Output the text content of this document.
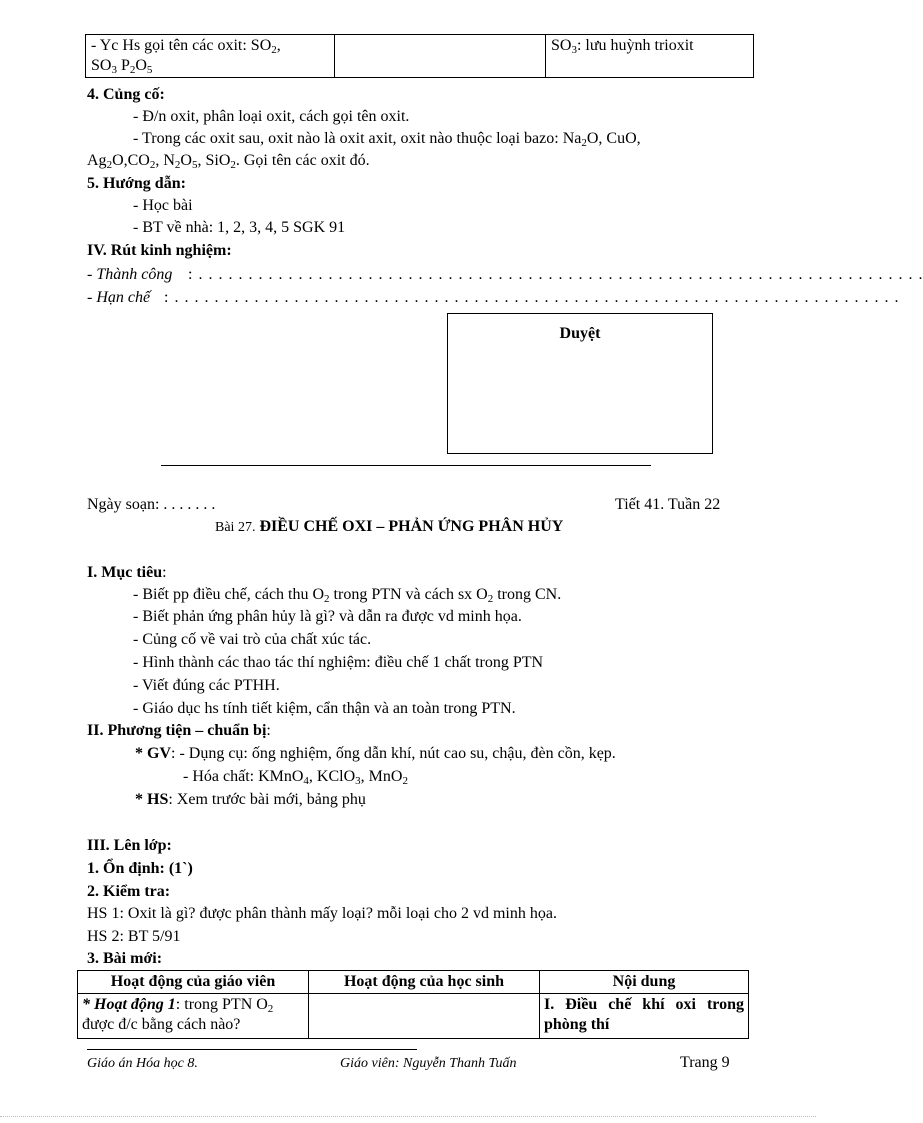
- Yc Hs gọi tên các oxit: $SO_2$,
$SO_3$ $P_2O_5$		$SO_3$: lưu huỳnh trioxit
4. Củng cố:
- Đ/n oxit, phân loại oxit, cách gọi tên oxit.
- Trong các oxit sau, oxit nào là oxit axit, oxit nào thuộc loại bazo: $Na_2O$, CuO,
$Ag_2O,CO_2$, $N_2O_5$, SiO$_2$. Gọi tên các oxit đó.
5. Hướng dẫn:
- Học bài
- BT về nhà: 1, 2, 3, 4, 5 SGK 91
IV. Rút kinh nghiệm:
- Thành công : . . . . . . . . . . . . . . . . . . . . . . . . . . . . . . . . . . . . . . . . . . . . . . . . . . . . . . . . . . . . . . . . . . . . . . . . .
- Hạn chế : . . . . . . . . . . . . . . . . . . . . . . . . . . . . . . . . . . . . . . . . . . . . . . . . . . . . . . . . . . . . . . . . . . . . . . . . .
Duyệt
Ngày soạn: . . . . . . .	Tiết 41. Tuần 22
Bài 27. ĐIỀU CHẾ OXI – PHẢN ỨNG PHÂN HỦY
I. Mục tiêu:
- Biết pp điều chế, cách thu $O_2$ trong PTN và cách sx $O_2$ trong CN.
- Biết phản ứng phân hủy là gì? và dẫn ra được vd minh họa.
- Củng cố về vai trò của chất xúc tác.
- Hình thành các thao tác thí nghiệm: điều chế 1 chất trong PTN
- Viết đúng các PTHH.
- Giáo dục hs tính tiết kiệm, cẩn thận và an toàn trong PTN.
II. Phương tiện – chuẩn bị:
* GV: - Dụng cụ: ống nghiệm, ống dẫn khí, nút cao su, chậu, đèn cồn, kẹp.
- Hóa chất: KMnO$_4$, KClO$_3$, MnO$_2$
* HS: Xem trước bài mới, bảng phụ
III. Lên lớp:
1. Ổn định: (1`)
2. Kiểm tra:
HS 1: Oxit là gì? được phân thành mấy loại? mỗi loại cho 2 vd minh họa.
HS 2: BT 5/91
3. Bài mới:
Hoạt động của giáo viên	Hoạt động của học sinh	Nội dung
* Hoạt động 1: trong PTN $O_2$
được đ/c bằng cách nào?		I. Điều chế khí oxi trong phòng thí
Giáo án Hóa học 8.	Giáo viên: Nguyễn Thanh Tuấn	Trang 9
